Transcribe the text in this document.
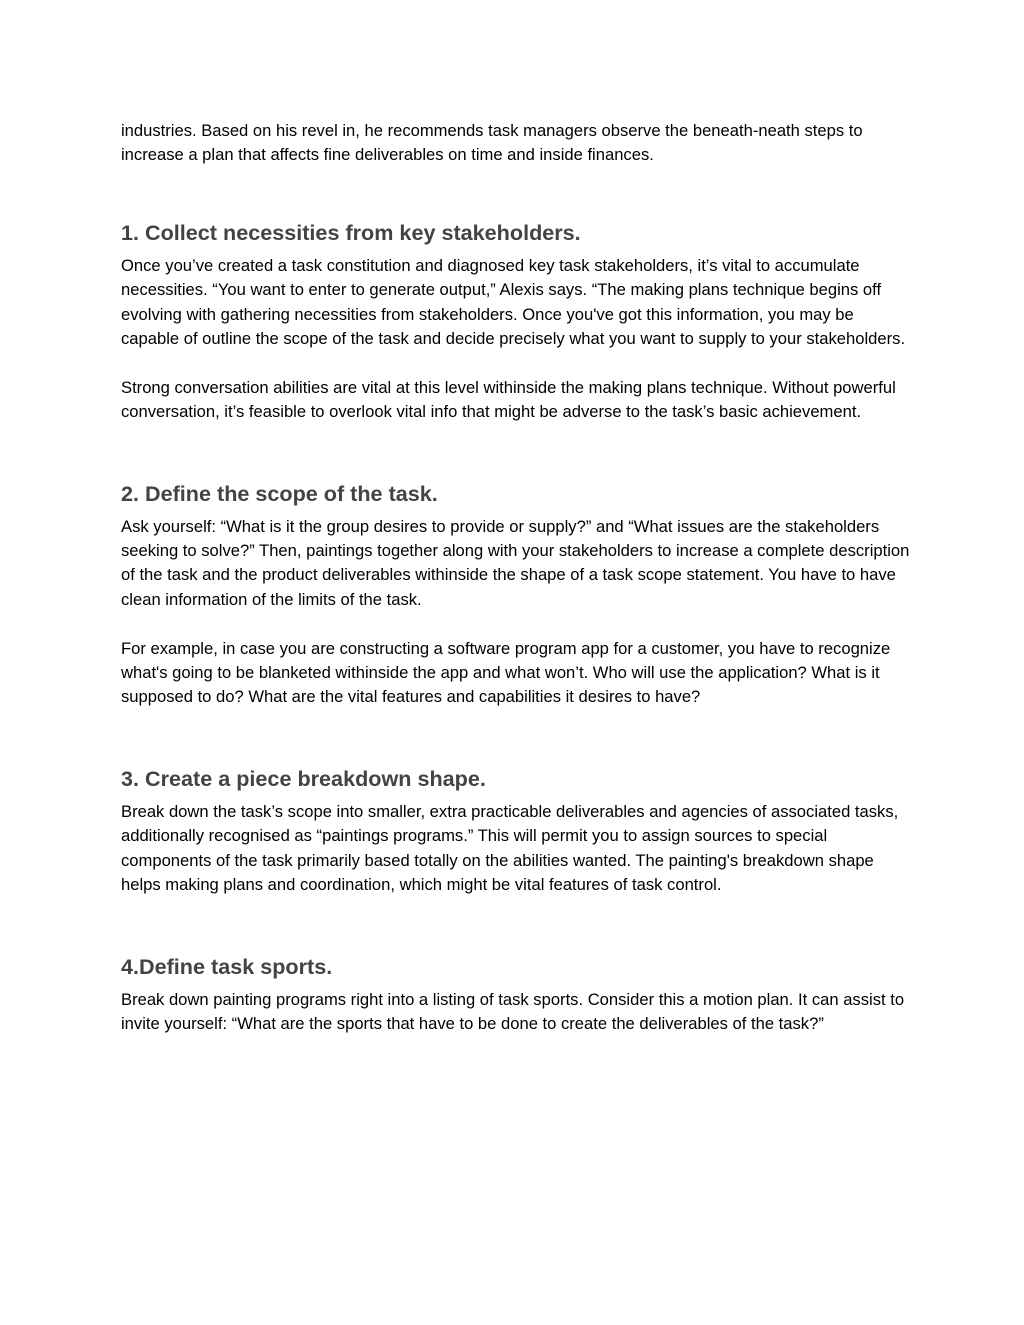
industries. Based on his revel in, he recommends task managers observe the beneath-neath steps to increase a plan that affects fine deliverables on time and inside finances.

1. Collect necessities from key stakeholders.

Once you’ve created a task constitution and diagnosed key task stakeholders, it’s vital to accumulate necessities. “You want to enter to generate output,” Alexis says. “The making plans technique begins off evolving with gathering necessities from stakeholders. Once you've got this information, you may be capable of outline the scope of the task and decide precisely what you want to supply to your stakeholders.

Strong conversation abilities are vital at this level withinside the making plans technique. Without powerful conversation, it’s feasible to overlook vital info that might be adverse to the task’s basic achievement.

2. Define the scope of the task.

Ask yourself: “What is it the group desires to provide or supply?” and “What issues are the stakeholders seeking to solve?” Then, paintings together along with your stakeholders to increase a complete description of the task and the product deliverables withinside the shape of a task scope statement. You have to have clean information of the limits of the task.

For example, in case you are constructing a software program app for a customer, you have to recognize what's going to be blanketed withinside the app and what won’t. Who will use the application? What is it supposed to do? What are the vital features and capabilities it desires to have?

3. Create a piece breakdown shape.

Break down the task’s scope into smaller, extra practicable deliverables and agencies of associated tasks, additionally recognised as “paintings programs.” This will permit you to assign sources to special components of the task primarily based totally on the abilities wanted. The painting's breakdown shape helps making plans and coordination, which might be vital features of task control.

4.Define task sports.

Break down painting programs right into a listing of task sports. Consider this a motion plan. It can assist to invite yourself: “What are the sports that have to be done to create the deliverables of the task?”
